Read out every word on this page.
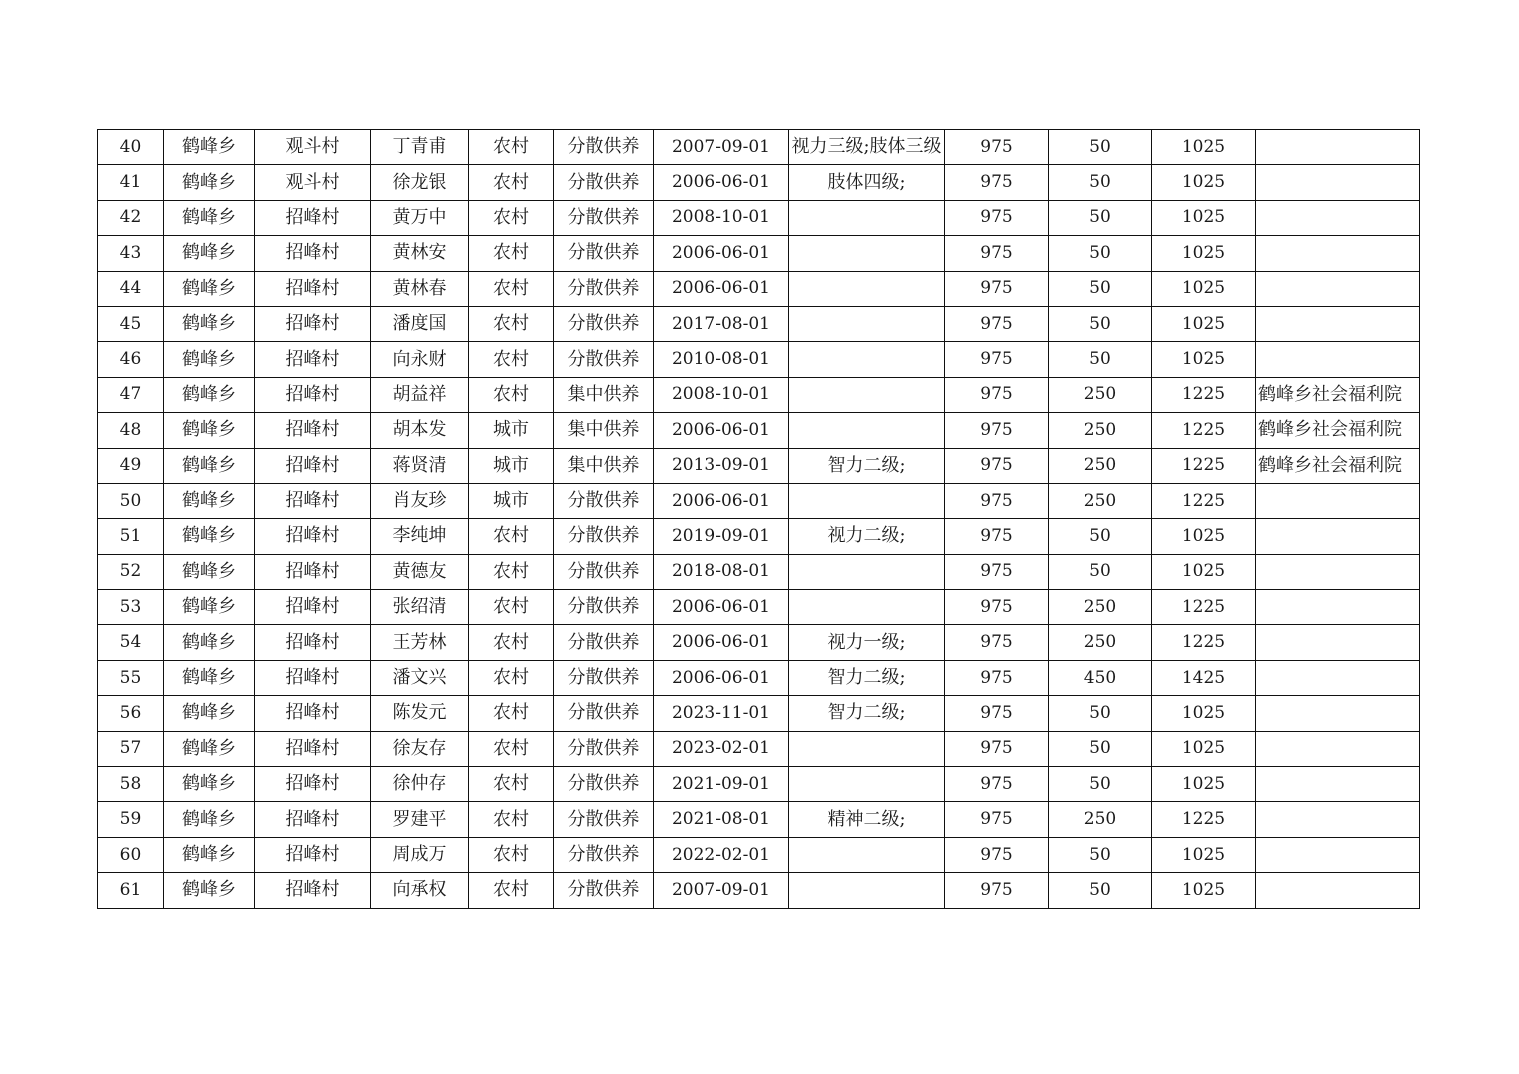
40	鹤峰乡	观斗村	丁青甫	农村	分散供养	2007-09-01	视力三级;肢体三级	975	50	1025	
41	鹤峰乡	观斗村	徐龙银	农村	分散供养	2006-06-01	肢体四级;	975	50	1025	
42	鹤峰乡	招峰村	黄万中	农村	分散供养	2008-10-01		975	50	1025	
43	鹤峰乡	招峰村	黄林安	农村	分散供养	2006-06-01		975	50	1025	
44	鹤峰乡	招峰村	黄林春	农村	分散供养	2006-06-01		975	50	1025	
45	鹤峰乡	招峰村	潘度国	农村	分散供养	2017-08-01		975	50	1025	
46	鹤峰乡	招峰村	向永财	农村	分散供养	2010-08-01		975	50	1025	
47	鹤峰乡	招峰村	胡益祥	农村	集中供养	2008-10-01		975	250	1225	鹤峰乡社会福利院
48	鹤峰乡	招峰村	胡本发	城市	集中供养	2006-06-01		975	250	1225	鹤峰乡社会福利院
49	鹤峰乡	招峰村	蒋贤清	城市	集中供养	2013-09-01	智力二级;	975	250	1225	鹤峰乡社会福利院
50	鹤峰乡	招峰村	肖友珍	城市	分散供养	2006-06-01		975	250	1225	
51	鹤峰乡	招峰村	李纯坤	农村	分散供养	2019-09-01	视力二级;	975	50	1025	
52	鹤峰乡	招峰村	黄德友	农村	分散供养	2018-08-01		975	50	1025	
53	鹤峰乡	招峰村	张绍清	农村	分散供养	2006-06-01		975	250	1225	
54	鹤峰乡	招峰村	王芳林	农村	分散供养	2006-06-01	视力一级;	975	250	1225	
55	鹤峰乡	招峰村	潘文兴	农村	分散供养	2006-06-01	智力二级;	975	450	1425	
56	鹤峰乡	招峰村	陈发元	农村	分散供养	2023-11-01	智力二级;	975	50	1025	
57	鹤峰乡	招峰村	徐友存	农村	分散供养	2023-02-01		975	50	1025	
58	鹤峰乡	招峰村	徐仲存	农村	分散供养	2021-09-01		975	50	1025	
59	鹤峰乡	招峰村	罗建平	农村	分散供养	2021-08-01	精神二级;	975	250	1225	
60	鹤峰乡	招峰村	周成万	农村	分散供养	2022-02-01		975	50	1025	
61	鹤峰乡	招峰村	向承权	农村	分散供养	2007-09-01		975	50	1025	
